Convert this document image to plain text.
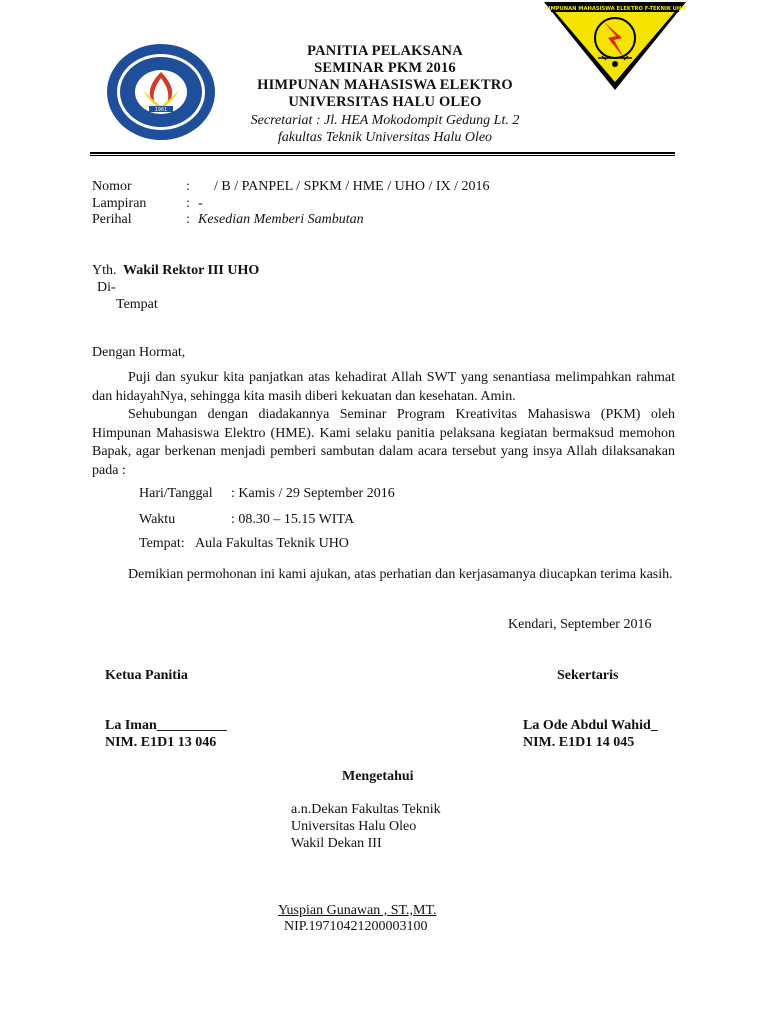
1961
HIMPUNAN MAHASISWA ELEKTRO F-TEKNIK UHO
PANITIA PELAKSANA
SEMINAR PKM 2016
HIMPUNAN MAHASISWA ELEKTRO
UNIVERSITAS HALU OLEO
Secretariat : Jl. HEA Mokodompit Gedung Lt. 2
fakultas Teknik Universitas Halu Oleo
Nomor	: / B / PANPEL / SPKM / HME / UHO / IX / 2016
Lampiran	: -
Perihal	: Kesedian Memberi Sambutan
Yth. Wakil Rektor III UHO
Di-
Tempat
Dengan Hormat,
Puji dan syukur kita panjatkan atas kehadirat Allah SWT yang senantiasa melimpahkan rahmat dan hidayahNya, sehingga kita masih diberi kekuatan dan kesehatan. Amin.
Sehubungan dengan diadakannya Seminar Program Kreativitas Mahasiswa (PKM) oleh Himpunan Mahasiswa Elektro (HME). Kami selaku panitia pelaksana kegiatan bermaksud memohon Bapak, agar berkenan menjadi pemberi sambutan dalam acara tersebut yang insya Allah dilaksanakan pada :
Hari/Tanggal : Kamis / 29 September 2016
Waktu	: 08.30 – 15.15 WITA
Tempat: Aula Fakultas Teknik UHO
Demikian permohonan ini kami ajukan, atas perhatian dan kerjasamanya diucapkan terima kasih.
Kendari, September 2016
Ketua Panitia	Sekertaris
La Iman__________
NIM. E1D1 13 046
La Ode Abdul Wahid_
NIM. E1D1 14 045
Mengetahui
a.n.Dekan Fakultas Teknik
Universitas Halu Oleo
Wakil Dekan III
Yuspian Gunawan , ST.,MT.
NIP.19710421200003100
